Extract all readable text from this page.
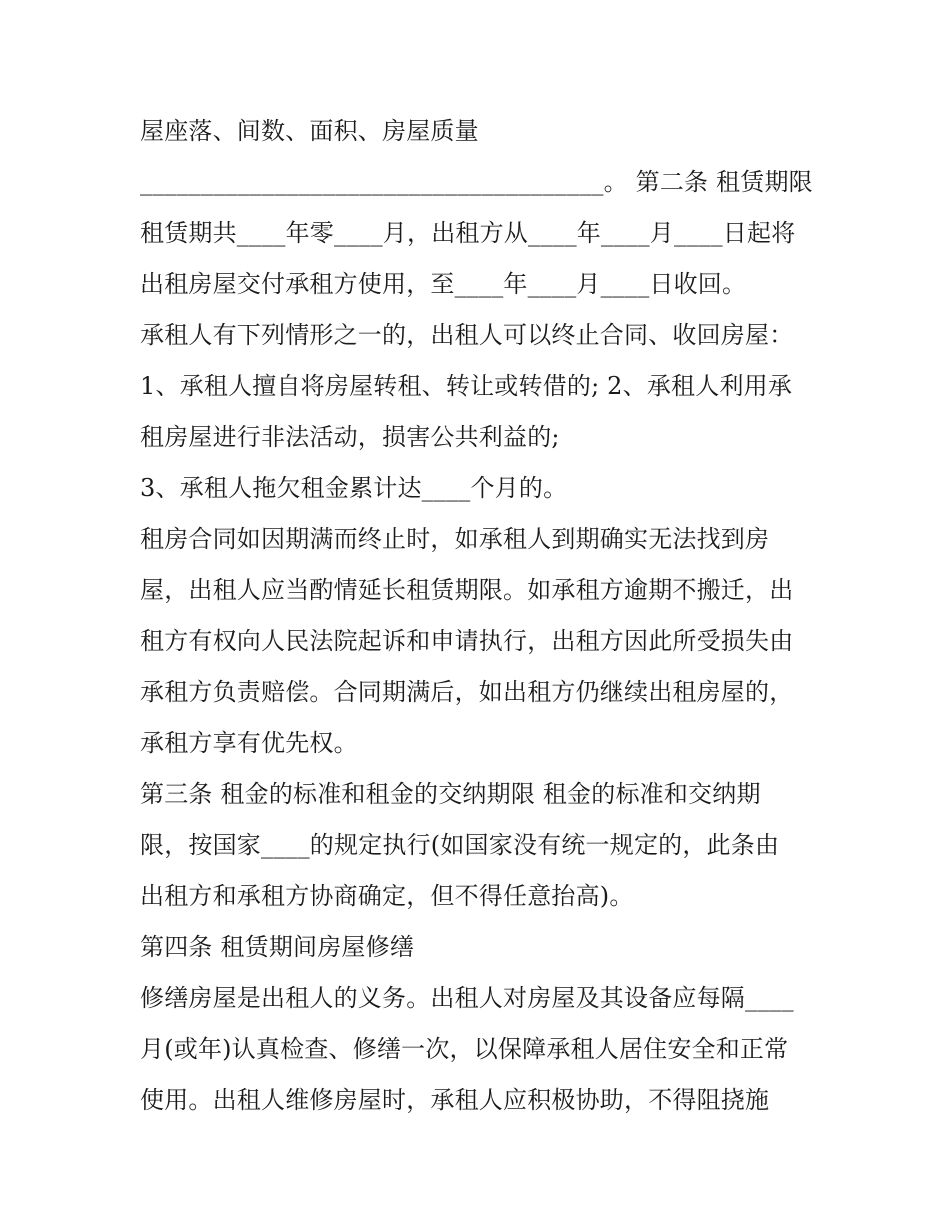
屋座落、间数、面积、房屋质量
______________________________________。 第二条 租赁期限
租赁期共____年零____月，出租方从____年____月____日起将
出租房屋交付承租方使用，至____年____月____日收回。
承租人有下列情形之一的，出租人可以终止合同、收回房屋：
1、承租人擅自将房屋转租、转让或转借的; 2、承租人利用承
租房屋进行非法活动，损害公共利益的;
3、承租人拖欠租金累计达____个月的。
租房合同如因期满而终止时，如承租人到期确实无法找到房
屋，出租人应当酌情延长租赁期限。如承租方逾期不搬迁，出
租方有权向人民法院起诉和申请执行，出租方因此所受损失由
承租方负责赔偿。合同期满后，如出租方仍继续出租房屋的，
承租方享有优先权。
第三条 租金的标准和租金的交纳期限 租金的标准和交纳期
限，按国家____的规定执行(如国家没有统一规定的，此条由
出租方和承租方协商确定，但不得任意抬高)。
第四条 租赁期间房屋修缮
修缮房屋是出租人的义务。出租人对房屋及其设备应每隔____
月(或年)认真检查、修缮一次，以保障承租人居住安全和正常
使用。出租人维修房屋时，承租人应积极协助，不得阻挠施
